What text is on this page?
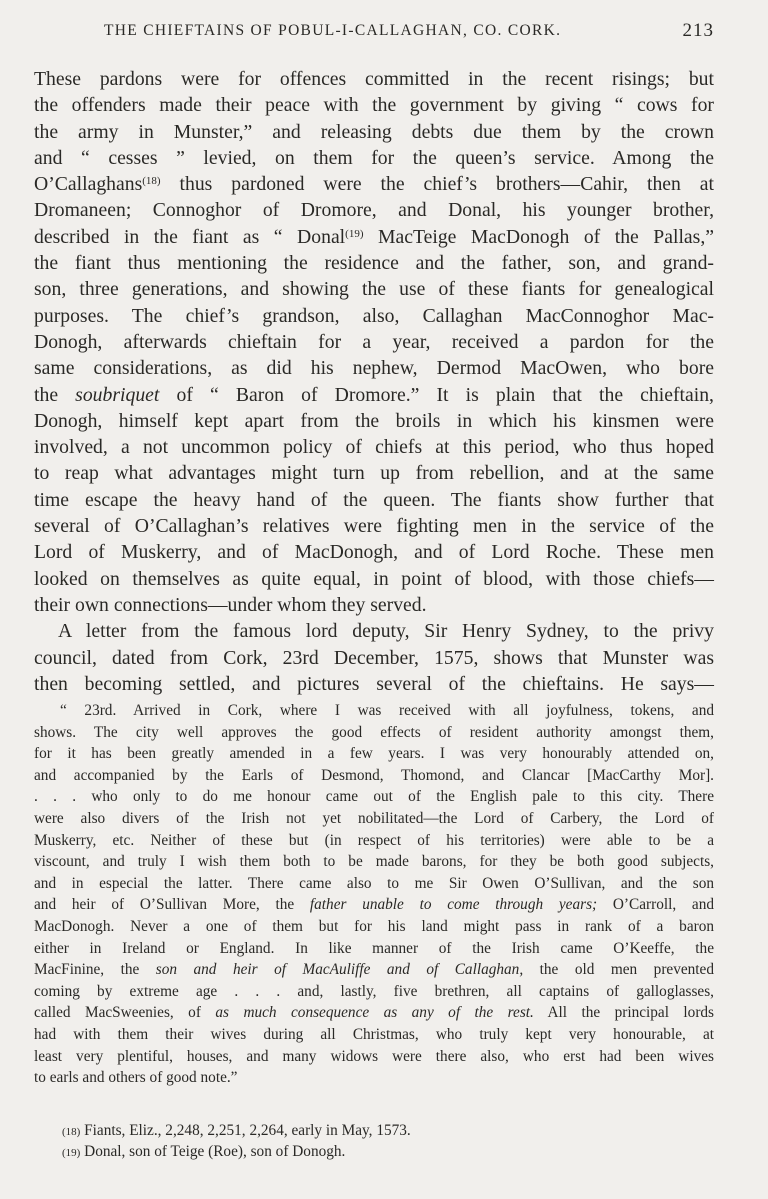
THE CHIEFTAINS OF POBUL-I-CALLAGHAN, CO. CORK.	213
These pardons were for offences committed in the recent risings; but
the offenders made their peace with the government by giving “ cows for
the army in Munster,” and releasing debts due them by the crown
and “ cesses ” levied, on them for the queen’s service. Among the
O’Callaghans$^{(18)}$ thus pardoned were the chief’s brothers—Cahir, then at
Dromaneen; Connoghor of Dromore, and Donal, his younger brother,
described in the fiant as “ Donal$^{(19)}$ MacTeige MacDonogh of the Pallas,”
the fiant thus mentioning the residence and the father, son, and grand-
son, three generations, and showing the use of these fiants for genealogical
purposes. The chief’s grandson, also, Callaghan MacConnoghor Mac-
Donogh, afterwards chieftain for a year, received a pardon for the
same considerations, as did his nephew, Dermod MacOwen, who bore
the soubriquet of “ Baron of Dromore.” It is plain that the chieftain,
Donogh, himself kept apart from the broils in which his kinsmen were
involved, a not uncommon policy of chiefs at this period, who thus hoped
to reap what advantages might turn up from rebellion, and at the same
time escape the heavy hand of the queen. The fiants show further that
several of O’Callaghan’s relatives were fighting men in the service of the
Lord of Muskerry, and of MacDonogh, and of Lord Roche. These men
looked on themselves as quite equal, in point of blood, with those chiefs—
their own connections—under whom they served.
A letter from the famous lord deputy, Sir Henry Sydney, to the privy
council, dated from Cork, 23rd December, 1575, shows that Munster was
then becoming settled, and pictures several of the chieftains. He says—
“ 23rd. Arrived in Cork, where I was received with all joyfulness, tokens, and
shows. The city well approves the good effects of resident authority amongst them,
for it has been greatly amended in a few years. I was very honourably attended on,
and accompanied by the Earls of Desmond, Thomond, and Clancar [MacCarthy Mor].
. . . who only to do me honour came out of the English pale to this city. There
were also divers of the Irish not yet nobilitated—the Lord of Carbery, the Lord of
Muskerry, etc. Neither of these but (in respect of his territories) were able to be a
viscount, and truly I wish them both to be made barons, for they be both good subjects,
and in especial the latter. There came also to me Sir Owen O’Sullivan, and the son
and heir of O’Sullivan More, the father unable to come through years; O’Carroll, and
MacDonogh. Never a one of them but for his land might pass in rank of a baron
either in Ireland or England. In like manner of the Irish came O’Keeffe, the
MacFinine, the son and heir of MacAuliffe and of Callaghan, the old men prevented
coming by extreme age . . . and, lastly, five brethren, all captains of galloglasses,
called MacSweenies, of as much consequence as any of the rest. All the principal lords
had with them their wives during all Christmas, who truly kept very honourable, at
least very plentiful, houses, and many widows were there also, who erst had been wives
to earls and others of good note.”
(18) Fiants, Eliz., 2,248, 2,251, 2,264, early in May, 1573.
(19) Donal, son of Teige (Roe), son of Donogh.
